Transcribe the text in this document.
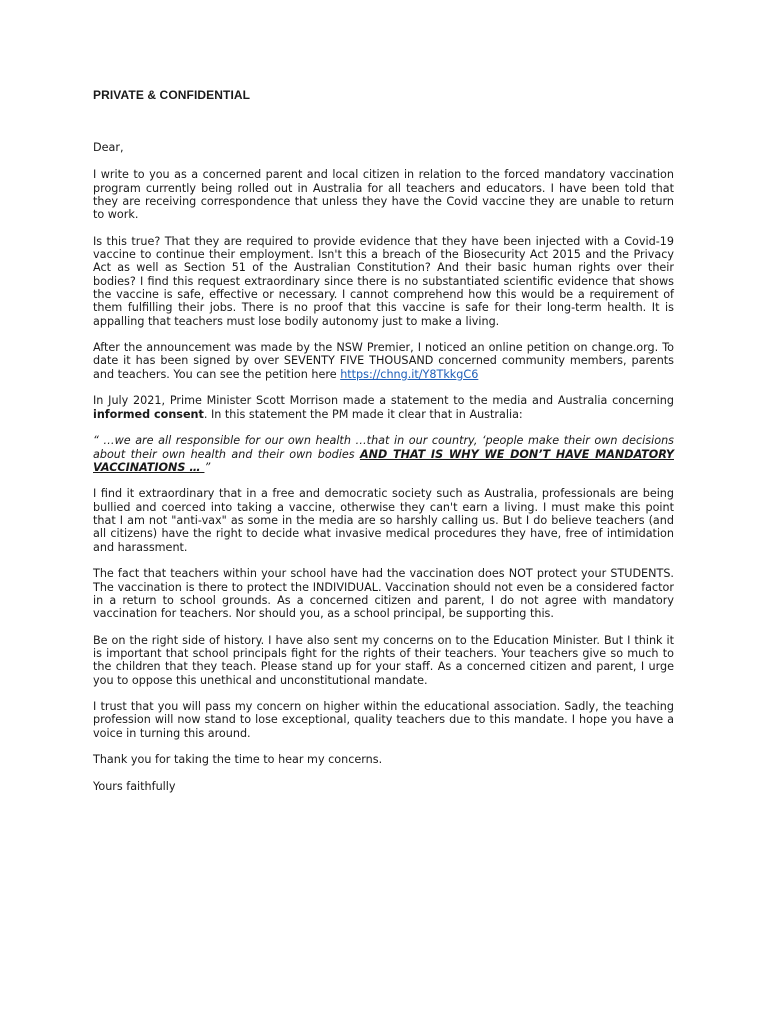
PRIVATE & CONFIDENTIAL

Dear,

I write to you as a concerned parent and local citizen in relation to the forced mandatory vaccination program currently being rolled out in Australia for all teachers and educators. I have been told that they are receiving correspondence that unless they have the Covid vaccine they are unable to return to work.

Is this true? That they are required to provide evidence that they have been injected with a Covid-19 vaccine to continue their employment. Isn't this a breach of the Biosecurity Act 2015 and the Privacy Act as well as Section 51 of the Australian Constitution? And their basic human rights over their bodies? I find this request extraordinary since there is no substantiated scientific evidence that shows the vaccine is safe, effective or necessary. I cannot comprehend how this would be a requirement of them fulfilling their jobs. There is no proof that this vaccine is safe for their long-term health. It is appalling that teachers must lose bodily autonomy just to make a living.

After the announcement was made by the NSW Premier, I noticed an online petition on change.org. To date it has been signed by over SEVENTY FIVE THOUSAND concerned community members, parents and teachers. You can see the petition here https://chng.it/Y8TkkgC6

In July 2021, Prime Minister Scott Morrison made a statement to the media and Australia concerning informed consent. In this statement the PM made it clear that in Australia:

“ …we are all responsible for our own health …that in our country, ‘people make their own decisions about their own health and their own bodies AND THAT IS WHY WE DON’T HAVE MANDATORY VACCINATIONS … ”

I find it extraordinary that in a free and democratic society such as Australia, professionals are being bullied and coerced into taking a vaccine, otherwise they can't earn a living. I must make this point that I am not "anti-vax" as some in the media are so harshly calling us. But I do believe teachers (and all citizens) have the right to decide what invasive medical procedures they have, free of intimidation and harassment.

The fact that teachers within your school have had the vaccination does NOT protect your STUDENTS. The vaccination is there to protect the INDIVIDUAL. Vaccination should not even be a considered factor in a return to school grounds. As a concerned citizen and parent, I do not agree with mandatory vaccination for teachers. Nor should you, as a school principal, be supporting this.

Be on the right side of history. I have also sent my concerns on to the Education Minister. But I think it is important that school principals fight for the rights of their teachers. Your teachers give so much to the children that they teach. Please stand up for your staff. As a concerned citizen and parent, I urge you to oppose this unethical and unconstitutional mandate.

I trust that you will pass my concern on higher within the educational association. Sadly, the teaching profession will now stand to lose exceptional, quality teachers due to this mandate. I hope you have a voice in turning this around.

Thank you for taking the time to hear my concerns.

Yours faithfully
